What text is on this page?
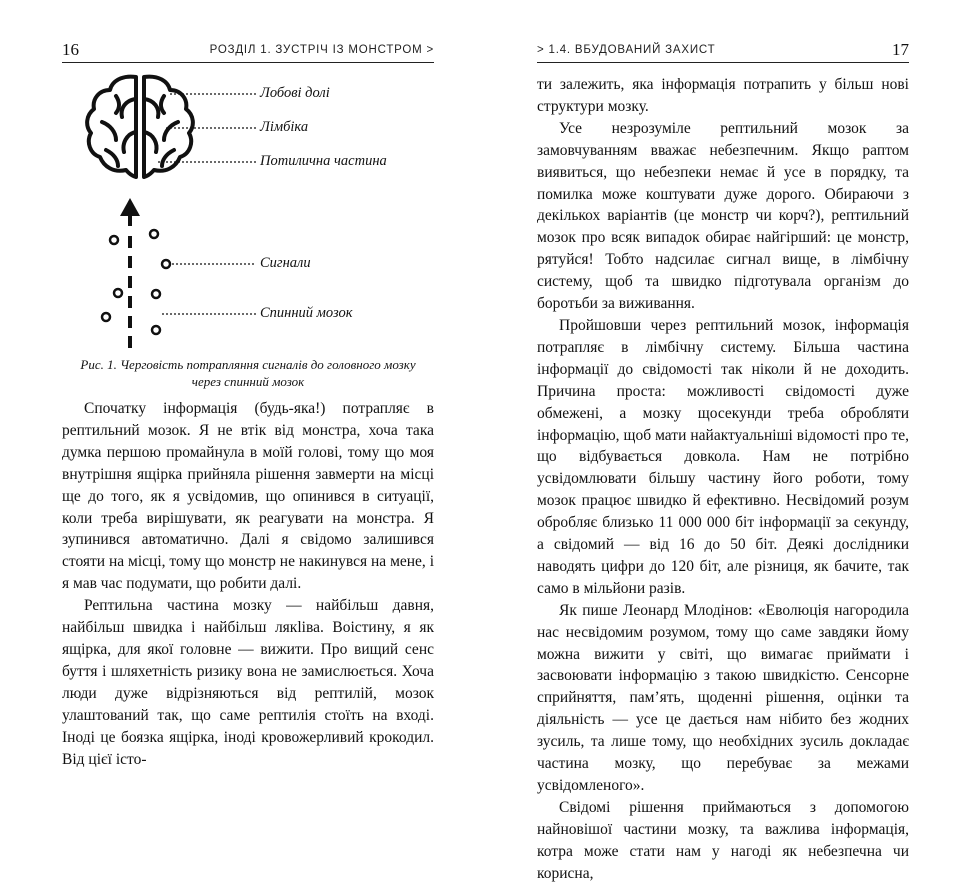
16	РОЗДІЛ 1. ЗУСТРІЧ ІЗ МОНСТРОМ >
Лобові долі
Лімбіка
Потилична частина
Сигнали
Спинний мозок
Рис. 1. Черговість потрапляння сигналів до головного мозку
через спинний мозок

Спочатку інформація (будь-яка!) потрапляє в рептильний мозок. Я не втік від монстра, хоча така думка першою промайнула в моїй голові, тому що моя внутрішня ящірка прийняла рішення завмерти на місці ще до того, як я усвідомив, що опинився в ситуації, коли треба вирішувати, як реагувати на монстра. Я зупинився автоматично. Далі я свідомо залишився стояти на місці, тому що монстр не накинувся на мене, і я мав час подумати, що робити далі.

Рептильна частина мозку — найбільш давня, найбільш швидка і найбільш лякliва. Воістину, я як ящірка, для якої головне — вижити. Про вищий сенс буття і шляхетність ризику вона не замислюється. Хоча люди дуже відрізняються від рептилій, мозок улаштований так, що саме рептилія стоїть на вході. Іноді це боязка ящірка, іноді кровожерливий крокодил. Від цієї істо-

> 1.4. ВБУДОВАНИЙ ЗАХИСТ	17

ти залежить, яка інформація потрапить у більш нові структури мозку.

Усе незрозуміле рептильний мозок за замовчуванням вважає небезпечним. Якщо раптом виявиться, що небезпеки немає й усе в порядку, та помилка може коштувати дуже дорого. Обираючи з декількох варіантів (це монстр чи корч?), рептильний мозок про всяк випадок обирає найгірший: це монстр, рятуйся! Тобто надсилає сигнал вище, в лімбічну систему, щоб та швидко підготувала організм до боротьби за виживання.

Пройшовши через рептильний мозок, інформація потрапляє в лімбічну систему. Більша частина інформації до свідомості так ніколи й не доходить. Причина проста: можливості свідомості дуже обмежені, а мозку щосекунди треба обробляти інформацію, щоб мати найактуальніші відомості про те, що відбувається довкола. Нам не потрібно усвідомлювати більшу частину його роботи, тому мозок працює швидко й ефективно. Несвідомий розум обробляє близько 11 000 000 біт інформації за секунду, а свідомий — від 16 до 50 біт. Деякі дослідники наводять цифри до 120 біт, але різниця, як бачите, так само в мільйони разів.

Як пише Леонард Млодінов: «Еволюція нагородила нас несвідомим розумом, тому що саме завдяки йому можна вижити у світі, що вимагає приймати і засвоювати інформацію з такою швидкістю. Сенсорне сприйняття, пам’ять, щоденні рішення, оцінки та діяльність — усе це дається нам нібито без жодних зусиль, та лише тому, що необхідних зусиль докладає частина мозку, що перебуває за межами усвідомленого».

Свідомі рішення приймаються з допомогою найновішої частини мозку, та важлива інформація, котра може стати нам у нагоді як небезпечна чи корисна,
